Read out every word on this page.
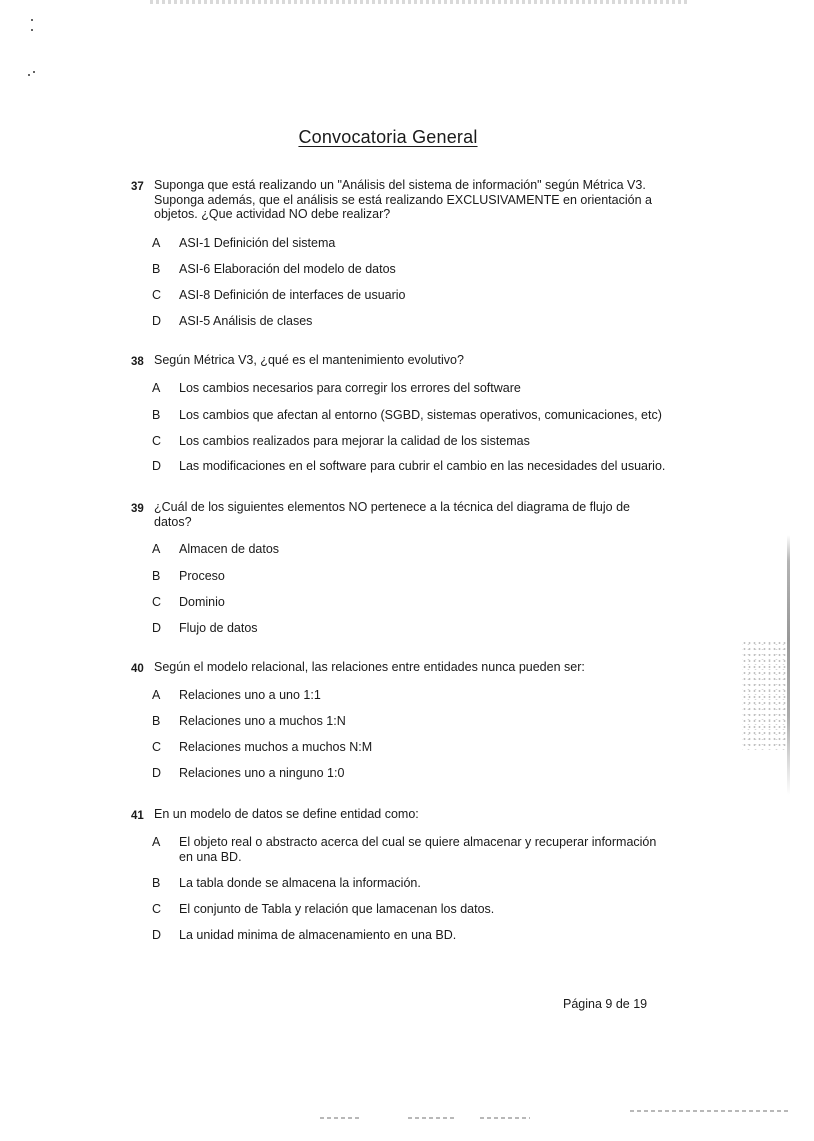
Convocatoria General
37 Suponga que está realizando un "Análisis del sistema de información" según Métrica V3.
Suponga además, que el análisis se está realizando EXCLUSIVAMENTE en orientación a
objetos. ¿Que actividad NO debe realizar?
A	ASI-1 Definición del sistema
B	ASI-6 Elaboración del modelo de datos
C	ASI-8 Definición de interfaces de usuario
D	ASI-5 Análisis de clases
38 Según Métrica V3, ¿qué es el mantenimiento evolutivo?
A	Los cambios necesarios para corregir los errores del software
B	Los cambios que afectan al entorno (SGBD, sistemas operativos, comunicaciones, etc)
C	Los cambios realizados para mejorar la calidad de los sistemas
D	Las modificaciones en el software para cubrir el cambio en las necesidades del usuario.
39 ¿Cuál de los siguientes elementos NO pertenece a la técnica del diagrama de flujo de
datos?
A	Almacen de datos
B	Proceso
C	Dominio
D	Flujo de datos
40 Según el modelo relacional, las relaciones entre entidades nunca pueden ser:
A	Relaciones uno a uno 1:1
B	Relaciones uno a muchos 1:N
C	Relaciones muchos a muchos N:M
D	Relaciones uno a ninguno 1:0
41 En un modelo de datos se define entidad como:
A	El objeto real o abstracto acerca del cual se quiere almacenar y recuperar información
en una BD.
B	La tabla donde se almacena la información.
C	El conjunto de Tabla y relación que lamacenan los datos.
D	La unidad minima de almacenamiento en una BD.
Página 9 de 19
